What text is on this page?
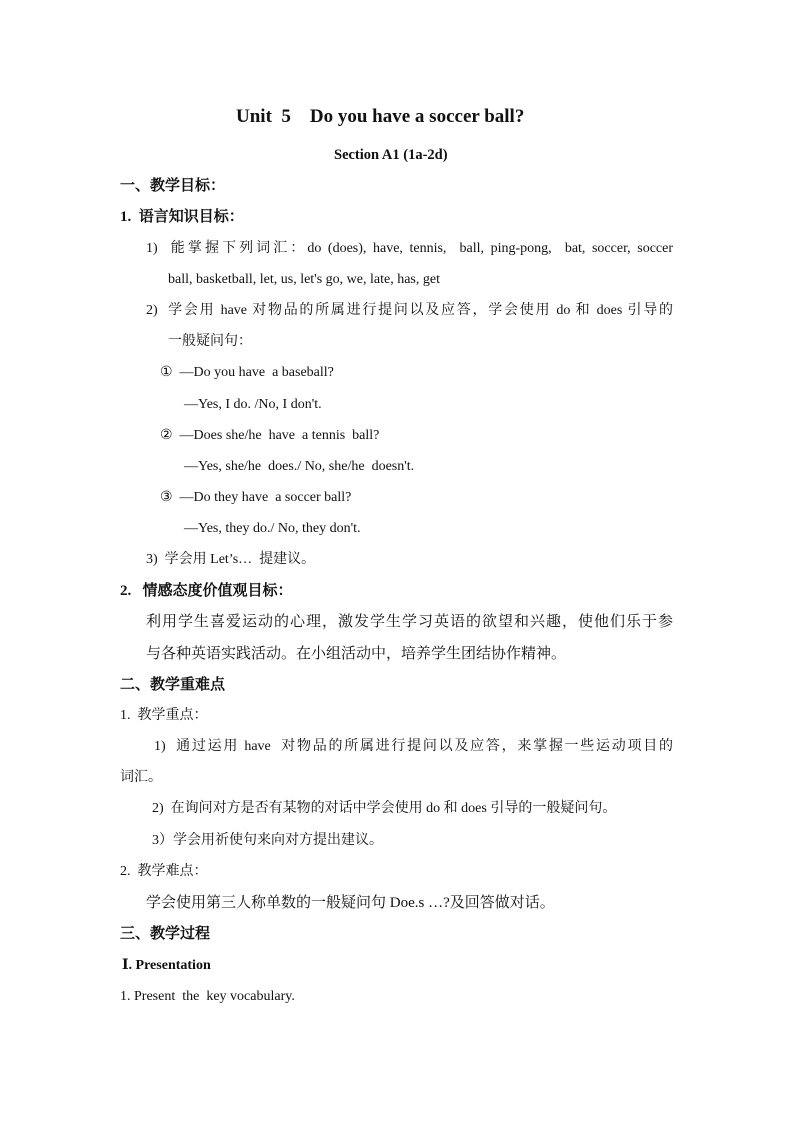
Unit  5    Do you have a soccer ball?
Section A1 (1a-2d)
一、教学目标：
1.  语言知识目标：
1)  能掌握下列词汇：do (does), have, tennis,  ball, ping-pong,  bat, soccer, soccer
ball, basketball, let, us, let's go, we, late, has, get
2)  学会用 have 对物品的所属进行提问以及应答，学会使用 do 和 does 引导的
一般疑问句：
①  —Do you have  a baseball?
—Yes, I do. /No, I don't.
②  —Does she/he  have  a tennis  ball?
—Yes, she/he  does./ No, she/he  doesn't.
③  —Do they have  a soccer ball?
—Yes, they do./ No, they don't.
3)  学会用 Let’s…  提建议。
2.   情感态度价值观目标：
利用学生喜爱运动的心理，激发学生学习英语的欲望和兴趣，使他们乐于参
与各种英语实践活动。在小组活动中，培养学生团结协作精神。
二、教学重难点
1.  教学重点：
1)  通过运用 have  对物品的所属进行提问以及应答，来掌握一些运动项目的
词汇。
2)  在询问对方是否有某物的对话中学会使用 do 和 does 引导的一般疑问句。
3）学会用祈使句来向对方提出建议。
2.  教学难点：
学会使用第三人称单数的一般疑问句 Doe.s …?及回答做对话。
三、教学过程
Ⅰ. Presentation
1. Present  the  key vocabulary.
